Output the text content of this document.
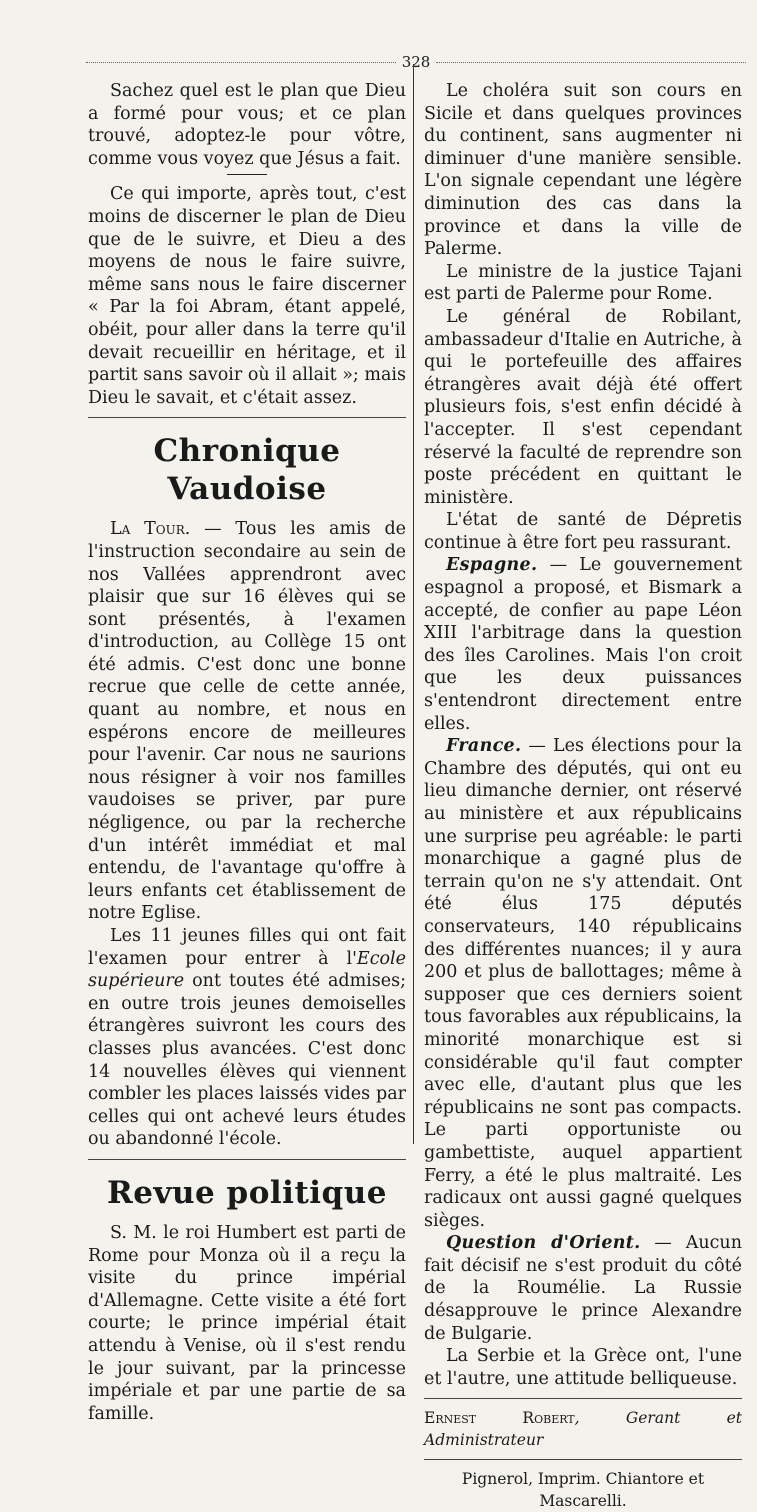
328

Sachez quel est le plan que Dieu a formé pour vous; et ce plan trouvé, adoptez-le pour vôtre, comme vous voyez que Jésus a fait.

Ce qui importe, après tout, c'est moins de discerner le plan de Dieu que de le suivre, et Dieu a des moyens de nous le faire suivre, même sans nous le faire discerner « Par la foi Abram, étant appelé, obéit, pour aller dans la terre qu'il devait recueillir en héritage, et il partit sans savoir où il allait »; mais Dieu le savait, et c'était assez.

Chronique Vaudoise

La Tour. — Tous les amis de l'instruction secondaire au sein de nos Vallées apprendront avec plaisir que sur 16 élèves qui se sont présentés, à l'examen d'introduction, au Collège 15 ont été admis. C'est donc une bonne recrue que celle de cette année, quant au nombre, et nous en espérons encore de meilleures pour l'avenir. Car nous ne saurions nous résigner à voir nos familles vaudoises se priver, par pure négligence, ou par la recherche d'un intérêt immédiat et mal entendu, de l'avantage qu'offre à leurs enfants cet établissement de notre Eglise.

Les 11 jeunes filles qui ont fait l'examen pour entrer à l'Ecole supérieure ont toutes été admises; en outre trois jeunes demoiselles étrangères suivront les cours des classes plus avancées. C'est donc 14 nouvelles élèves qui viennent combler les places laissés vides par celles qui ont achevé leurs études ou abandonné l'école.

Revue politique

S. M. le roi Humbert est parti de Rome pour Monza où il a reçu la visite du prince impérial d'Allemagne. Cette visite a été fort courte; le prince impérial était attendu à Venise, où il s'est rendu le jour suivant, par la princesse impériale et par une partie de sa famille.

Le choléra suit son cours en Sicile et dans quelques provinces du continent, sans augmenter ni diminuer d'une manière sensible. L'on signale cependant une légère diminution des cas dans la province et dans la ville de Palerme.

Le ministre de la justice Tajani est parti de Palerme pour Rome.

Le général de Robilant, ambassadeur d'Italie en Autriche, à qui le portefeuille des affaires étrangères avait déjà été offert plusieurs fois, s'est enfin décidé à l'accepter. Il s'est cependant réservé la faculté de reprendre son poste précédent en quittant le ministère.

L'état de santé de Dépretis continue à être fort peu rassurant.

Espagne. — Le gouvernement espagnol a proposé, et Bismark a accepté, de confier au pape Léon XIII l'arbitrage dans la question des îles Carolines. Mais l'on croit que les deux puissances s'entendront directement entre elles.

France. — Les élections pour la Chambre des députés, qui ont eu lieu dimanche dernier, ont réservé au ministère et aux républicains une surprise peu agréable: le parti monarchique a gagné plus de terrain qu'on ne s'y attendait. Ont été élus 175 députés conservateurs, 140 républicains des différentes nuances; il y aura 200 et plus de ballottages; même à supposer que ces derniers soient tous favorables aux républicains, la minorité monarchique est si considérable qu'il faut compter avec elle, d'autant plus que les républicains ne sont pas compacts. Le parti opportuniste ou gambettiste, auquel appartient Ferry, a été le plus maltraité. Les radicaux ont aussi gagné quelques sièges.

Question d'Orient. — Aucun fait décisif ne s'est produit du côté de la Roumélie. La Russie désapprouve le prince Alexandre de Bulgarie.

La Serbie et la Grèce ont, l'une et l'autre, une attitude belliqueuse.

Ernest Robert, Gerant et Administrateur
Pignerol, Imprim. Chiantore et Mascarelli.
